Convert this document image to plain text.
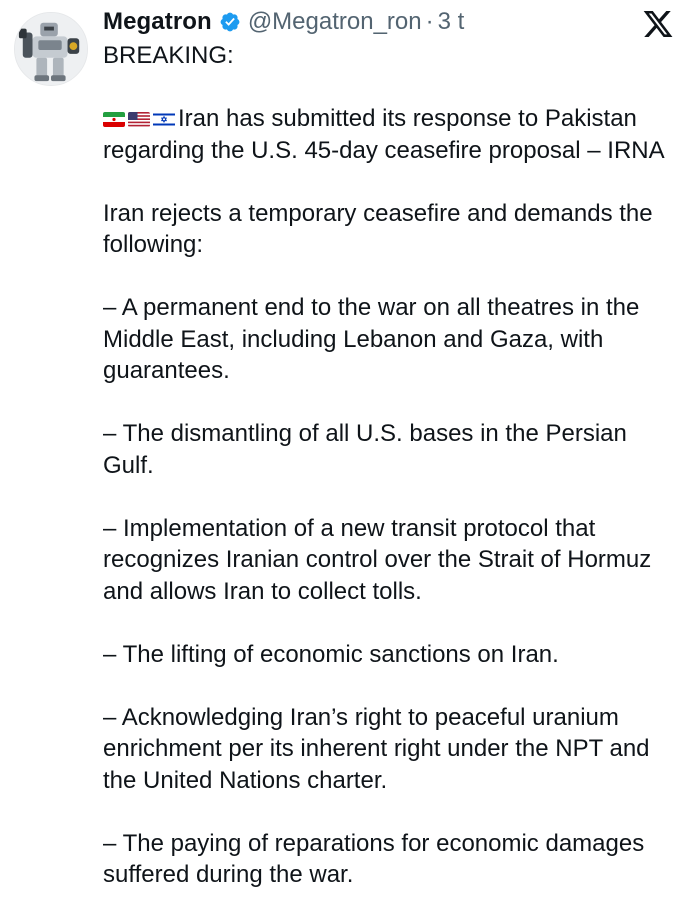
Megatron @Megatron_ron · 3 t

BREAKING:

Iran has submitted its response to Pakistan regarding the U.S. 45-day ceasefire proposal – IRNA

Iran rejects a temporary ceasefire and demands the following:

– A permanent end to the war on all theatres in the Middle East, including Lebanon and Gaza, with guarantees.

– The dismantling of all U.S. bases in the Persian Gulf.

– Implementation of a new transit protocol that recognizes Iranian control over the Strait of Hormuz and allows Iran to collect tolls.

– The lifting of economic sanctions on Iran.

– Acknowledging Iran’s right to peaceful uranium enrichment per its inherent right under the NPT and the United Nations charter.

– The paying of reparations for economic damages suffered during the war.
